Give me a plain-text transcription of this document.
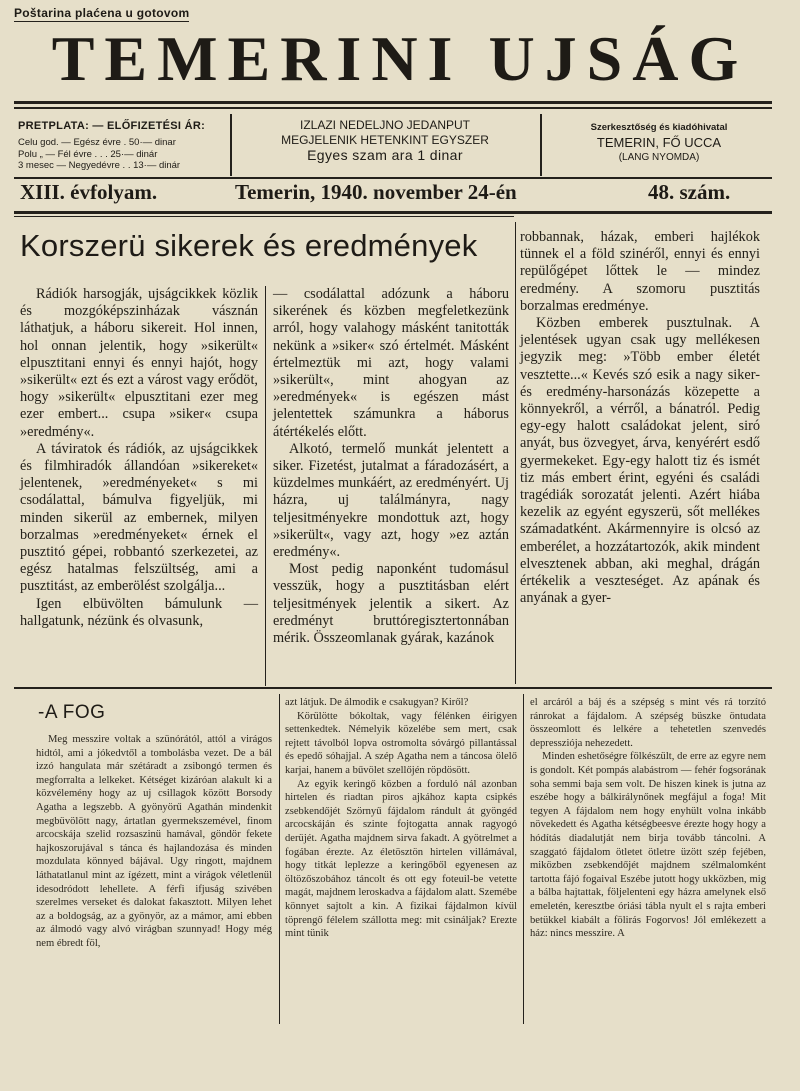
Poštarina plaćena u gotovom
TEMERINI UJSÁG
PRETPLATA: — ELŐFIZETÉSI ÁR:
Celu god. — Egész évre . 50·— dinar
Polu „ — Fél évre . . . 25·— dinár
3 mesec — Negyedévre . . 13·— dinár
IZLAZI NEDELJNO JEDANPUT
MEGJELENIK HETENKINT EGYSZER
Egyes szam ara 1 dinar
Szerkesztőség és kiadóhivatal
TEMERIN, FŐ UCCA
(LANG NYOMDA)
XIII. évfolyam.	Temerin, 1940. november 24-én	48. szám.
Korszerü sikerek és eredmények

Rádiók harsogják, ujságcikkek közlik és mozgóképszinházak vásznán láthatjuk, a háboru sikereit. Hol innen, hol onnan jelentik, hogy »sikerült« elpusztitani ennyi és ennyi hajót, hogy »sikerült« ezt és ezt a várost vagy erődöt, hogy »sikerült« elpusztitani ezer meg ezer embert... csupa »siker« csupa »eredmény«.

A táviratok és rádiók, az ujságcikkek és filmhiradók állandóan »sikereket« jelentenek, »eredményeket« s mi csodálattal, bámulva figyeljük, mi minden sikerül az embernek, milyen borzalmas »eredményeket« érnek el pusztitó gépei, robbantó szerkezetei, az egész hatalmas felszültség, ami a pusztitást, az emberölést szolgálja...

Igen elbüvölten bámulunk — hallgatunk, nézünk és olvasunk,

— csodálattal adózunk a háboru sikerének és közben megfeletkezünk arról, hogy valahogy másként tanitották nekünk a »siker« szó értelmét. Másként értelmeztük mi azt, hogy valami »sikerült«, mint ahogyan az »eredmények« is egészen mást jelentettek számunkra a háborus átértékelés előtt.

Alkotó, termelő munkát jelentett a siker. Fizetést, jutalmat a fáradozásért, a küzdelmes munkáért, az eredményért. Uj házra, uj találmányra, nagy teljesitményekre mondottuk azt, hogy »sikerült«, vagy azt, hogy »ez aztán eredmény«.

Most pedig naponként tudomásul vesszük, hogy a pusztitásban elért teljesitmények jelentik a sikert. Az eredményt bruttóregisztertonnában mérik. Összeomlanak gyárak, kazánok

robbannak, házak, emberi hajlékok tünnek el a föld szinéről, ennyi és ennyi repülőgépet lőttek le — mindez eredmény. A szomoru pusztitás borzalmas eredménye.

Közben emberek pusztulnak. A jelentések ugyan csak ugy mellékesen jegyzik meg: »Több ember életét vesztette...« Kevés szó esik a nagy siker- és eredmény-harsonázás közepette a könnyekről, a vérről, a bánatról. Pedig egy-egy halott családokat jelent, siró anyát, bus özvegyet, árva, kenyérért esdő gyermekeket. Egy-egy halott tiz és ismét tiz más embert érint, egyéni és családi tragédiák sorozatát jelenti. Azért hiába kezelik az egyént egyszerü, sőt mellékes számadatként. Akármennyire is olcsó az emberélet, a hozzátartozók, akik mindent elvesztenek abban, aki meghal, drágán értékelik a veszteséget. Az apának és anyának a gyer-

-A FOG

Meg messzire voltak a szünórától, attól a virágos hidtól, ami a jókedvtől a tombolásba vezet. De a bál izzó hangulata már szétáradt a zsibongó termen és megforralta a lelkeket. Kétséget kizáróan alakult ki a közvélemény hogy az uj csillagok között Borsody Agatha a legszebb. A gyönyörű Agathán mindenkit megbüvölött nagy, ártatlan gyermekszemével, finom arcocskája szelid rozsaszinü hamával, göndör fekete hajkoszorujával s tánca és hajlandozása és minden mozdulata könnyed bájával. Ugy ringott, majdnem láthatatlanul mint az ígézett, mint a virágok véletlenül idesodródott lehellete. A férfi ifjuság szivében szerelmes verseket és dalokat fakasztott. Milyen lehet az a boldogság, az a gyönyör, az a mámor, ami ebben az álmodó vagy alvó virágban szunnyad! Hogy még nem ébredt föl,

azt látjuk. De álmodik e csakugyan? Kiről?

Körülötte bókoltak, vagy félénken éirigyen settenkedtek. Némelyik közelébe sem mert, csak rejtett távolból lopva ostromolta sóvárgó pillantással és epedő sóhajjal. A szép Agatha nem a táncosa ölelő karjai, hanem a bűvölet szellőjén röpdösött.

Az egyik keringő közben a forduló nál azonban hirtelen és riadtan piros ajkához kapta csipkés zsebkendőjét Szörnyű fájdalom rándult át gyöngéd arcocskáján és szinte fojtogatta annak ragyogó derüjét. Agatha majdnem sirva fakadt. A gyötrelmet a fogában érezte. Az életösztön hirtelen villámával, hogy titkát leplezze a keringőből egyenesen az öltözőszobához táncolt és ott egy foteuil-be vetette magát, majdnem leroskadva a fájdalom alatt. Szemébe könnyet sajtolt a kin. A fizikai fájdalmon kívül töprengő félelem szállotta meg: mit csináljak? Erezte mint tünik

el arcáról a báj és a szépség s mint vés rá torzító ránrokat a fájdalom. A szépség büszke öntudata összeomlott és lelkére a tehetetlen szenvedés depressziója nehezedett.

Minden eshetőségre fölkészült, de erre az egyre nem is gondolt. Két pompás alabástrom — fehér fogsorának soha semmi baja sem volt. De hiszen kinek is jutna az eszébe hogy a bálkirálynőnek megfájul a foga! Mit tegyen A fájdalom nem hogy enyhült volna inkább növekedett és Agatha kétségbeesve érezte hogy hogy a hódítás diadalutját nem birja tovább táncolni. A szaggató fájdalom ötletet ötletre üzött szép fejében, miközben zsebkendőjét majdnem szélmalomként tartotta fájó fogaival Eszébe jutott hogy ukközben, mig a bálba hajtattak, följelenteni egy házra amelynek első emeletén, keresztbe óriási tábla nyult el s rajta emberi betükkel kiabált a fölirás Fogorvos! Jól emlékezett a ház: nincs messzire. A
